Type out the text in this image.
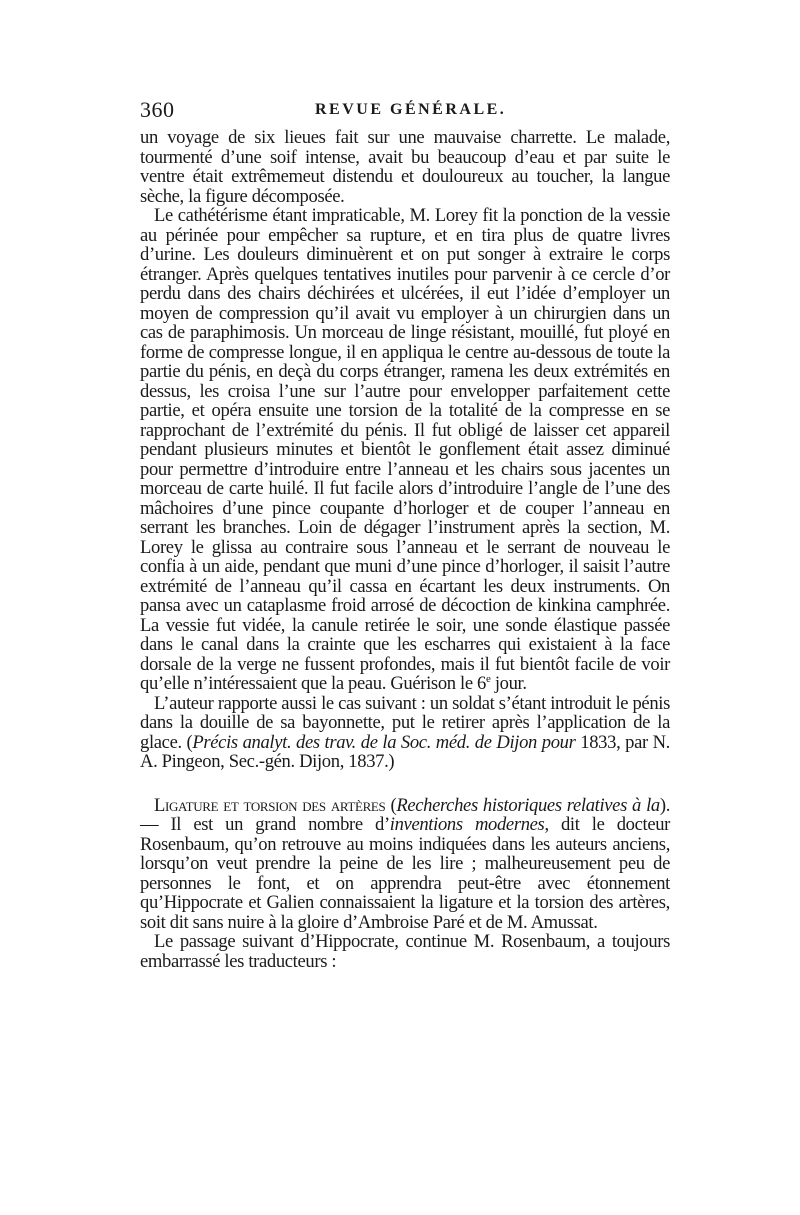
360	REVUE GÉNÉRALE.

un voyage de six lieues fait sur une mauvaise charrette. Le malade, tourmenté d’une soif intense, avait bu beaucoup d’eau et par suite le ventre était extrêmemeut distendu et douloureux au toucher, la langue sèche, la figure décomposée.

Le cathétérisme étant impraticable, M. Lorey fit la ponction de la vessie au périnée pour empêcher sa rupture, et en tira plus de quatre livres d’urine. Les douleurs diminuèrent et on put songer à extraire le corps étranger. Après quelques tentatives inutiles pour parvenir à ce cercle d’or perdu dans des chairs déchirées et ulcérées, il eut l’idée d’employer un moyen de compression qu’il avait vu employer à un chirurgien dans un cas de paraphimosis. Un morceau de linge résistant, mouillé, fut ployé en forme de compresse longue, il en appliqua le centre au-dessous de toute la partie du pénis, en deçà du corps étranger, ramena les deux extrémités en dessus, les croisa l’une sur l’autre pour envelopper parfaitement cette partie, et opéra ensuite une torsion de la totalité de la compresse en se rapprochant de l’extrémité du pénis. Il fut obligé de laisser cet appareil pendant plusieurs minutes et bientôt le gonflement était assez diminué pour permettre d’introduire entre l’anneau et les chairs sous jacentes un morceau de carte huilé. Il fut facile alors d’introduire l’angle de l’une des mâchoires d’une pince coupante d’horloger et de couper l’anneau en serrant les branches. Loin de dégager l’instrument après la section, M. Lorey le glissa au contraire sous l’anneau et le serrant de nouveau le confia à un aide, pendant que muni d’une pince d’horloger, il saisit l’autre extrémité de l’anneau qu’il cassa en écartant les deux instruments. On pansa avec un cataplasme froid arrosé de décoction de kinkina camphrée. La vessie fut vidée, la canule retirée le soir, une sonde élastique passée dans le canal dans la crainte que les escharres qui existaient à la face dorsale de la verge ne fussent profondes, mais il fut bientôt facile de voir qu’elle n’intéressaient que la peau. Guérison le 6e jour.

L’auteur rapporte aussi le cas suivant : un soldat s’étant introduit le pénis dans la douille de sa bayonnette, put le retirer après l’application de la glace. (Précis analyt. des trav. de la Soc. méd. de Dijon pour 1833, par N. A. Pingeon, Sec.-gén. Dijon, 1837.)

Ligature et torsion des artères (Recherches historiques relatives à la). — Il est un grand nombre d’inventions modernes, dit le docteur Rosenbaum, qu’on retrouve au moins indiquées dans les auteurs anciens, lorsqu’on veut prendre la peine de les lire ; malheureusement peu de personnes le font, et on apprendra peut-être avec étonnement qu’Hippocrate et Galien connaissaient la ligature et la torsion des artères, soit dit sans nuire à la gloire d’Ambroise Paré et de M. Amussat.

Le passage suivant d’Hippocrate, continue M. Rosenbaum, a toujours embarrassé les traducteurs :
